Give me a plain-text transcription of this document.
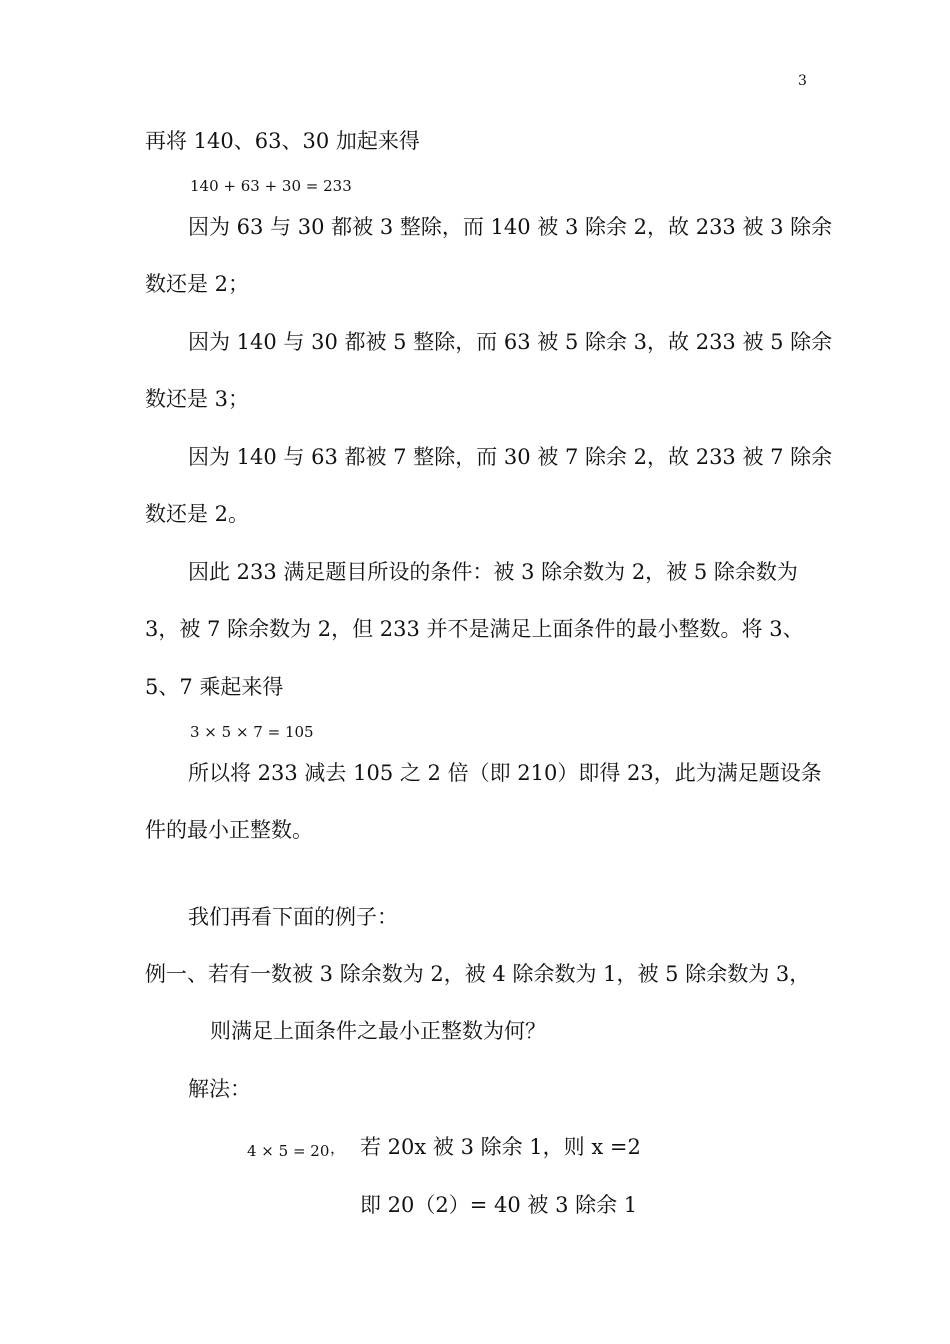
3
再将 140、63、30 加起来得
140 + 63 + 30 = 233
因为 63 与 30 都被 3 整除，而 140 被 3 除余 2，故 233 被 3 除余
数还是 2；
因为 140 与 30 都被 5 整除，而 63 被 5 除余 3，故 233 被 5 除余
数还是 3；
因为 140 与 63 都被 7 整除，而 30 被 7 除余 2，故 233 被 7 除余
数还是 2。
因此 233 满足题目所设的条件：被 3 除余数为 2，被 5 除余数为
3，被 7 除余数为 2，但 233 并不是满足上面条件的最小整数。将 3、
5、7 乘起来得
3 × 5 × 7 = 105
所以将 233 减去 105 之 2 倍（即 210）即得 23，此为满足题设条
件的最小正整数。
我们再看下面的例子：
例一、若有一数被 3 除余数为 2，被 4 除余数为 1，被 5 除余数为 3，
则满足上面条件之最小正整数为何？
解法：
4 × 5 = 20 ， 若 20x 被 3 除余 1，则 x =2
即 20（2）= 40 被 3 除余 1
